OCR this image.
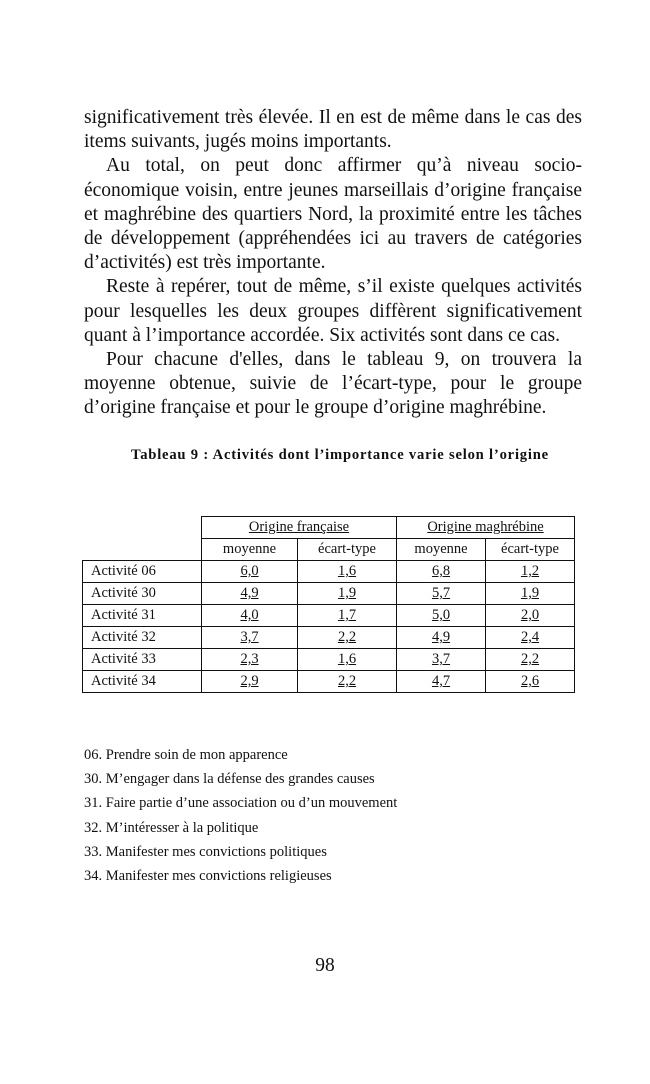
significativement très élevée. Il en est de même dans le cas des items suivants, jugés moins importants.

Au total, on peut donc affirmer qu’à niveau socio-économique voisin, entre jeunes marseillais d’origine française et maghrébine des quartiers Nord, la proximité entre les tâches de développement (appréhendées ici au travers de catégories d’activités) est très importante.

Reste à repérer, tout de même, s’il existe quelques activités pour lesquelles les deux groupes diffèrent significativement quant à l’importance accordée. Six activités sont dans ce cas.

Pour chacune d'elles, dans le tableau 9, on trouvera la moyenne obtenue, suivie de l’écart-type, pour le groupe d’origine française et pour le groupe d’origine maghrébine.

Tableau 9 : Activités dont l’importance varie selon l’origine
	Origine française		Origine maghrébine	
	moyenne	écart-type	moyenne	écart-type
Activité 06	6,0	1,6	6,8	1,2
Activité 30	4,9	1,9	5,7	1,9
Activité 31	4,0	1,7	5,0	2,0
Activité 32	3,7	2,2	4,9	2,4
Activité 33	2,3	1,6	3,7	2,2
Activité 34	2,9	2,2	4,7	2,6

06. Prendre soin de mon apparence

30. M’engager dans la défense des grandes causes

31. Faire partie d’une association ou d’un mouvement

32. M’intéresser à la politique

33. Manifester mes convictions politiques

34. Manifester mes convictions religieuses

98
